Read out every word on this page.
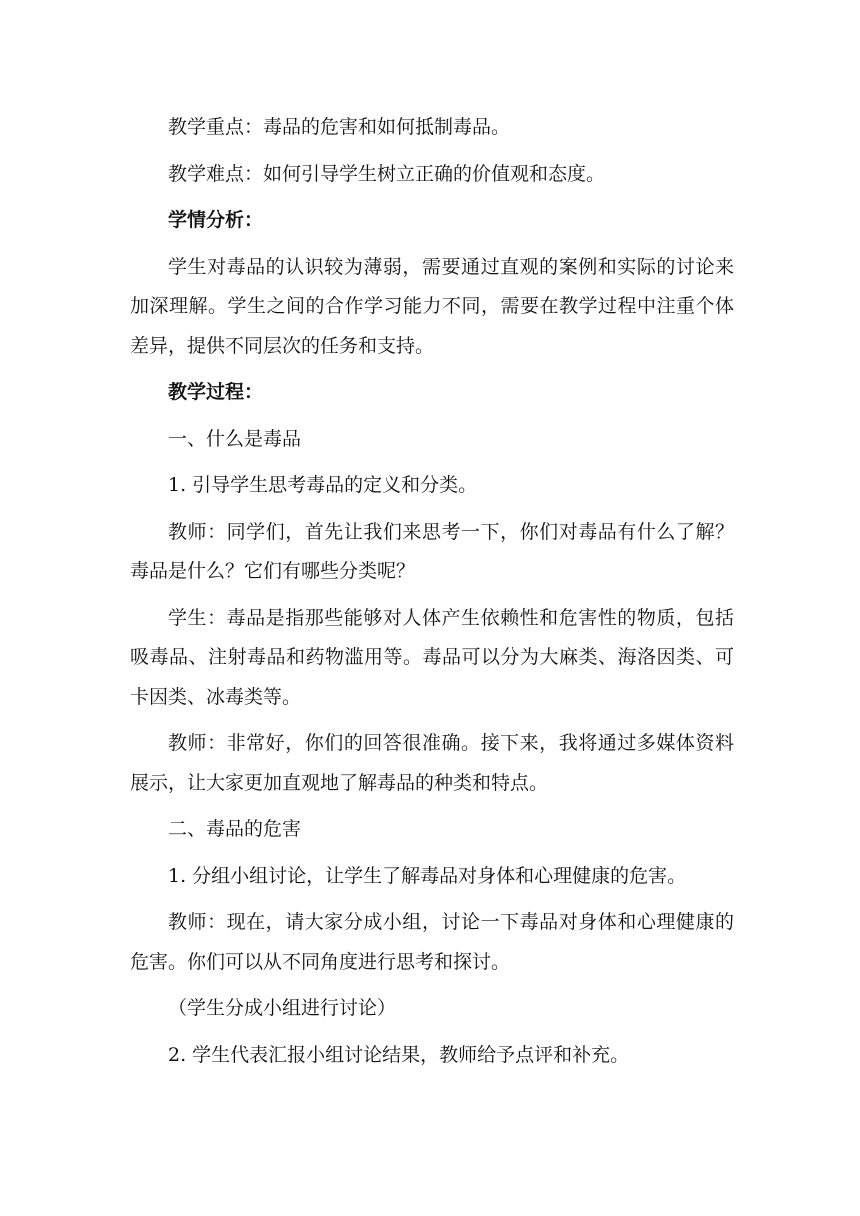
教学重点：毒品的危害和如何抵制毒品。

教学难点：如何引导学生树立正确的价值观和态度。

学情分析：

学生对毒品的认识较为薄弱，需要通过直观的案例和实际的讨论来加深理解。学生之间的合作学习能力不同，需要在教学过程中注重个体差异，提供不同层次的任务和支持。

教学过程：

一、什么是毒品

1. 引导学生思考毒品的定义和分类。

教师：同学们，首先让我们来思考一下，你们对毒品有什么了解？毒品是什么？它们有哪些分类呢？

学生：毒品是指那些能够对人体产生依赖性和危害性的物质，包括吸毒品、注射毒品和药物滥用等。毒品可以分为大麻类、海洛因类、可卡因类、冰毒类等。

教师：非常好，你们的回答很准确。接下来，我将通过多媒体资料展示，让大家更加直观地了解毒品的种类和特点。

二、毒品的危害

1. 分组小组讨论，让学生了解毒品对身体和心理健康的危害。

教师：现在，请大家分成小组，讨论一下毒品对身体和心理健康的危害。你们可以从不同角度进行思考和探讨。

（学生分成小组进行讨论）

2. 学生代表汇报小组讨论结果，教师给予点评和补充。
